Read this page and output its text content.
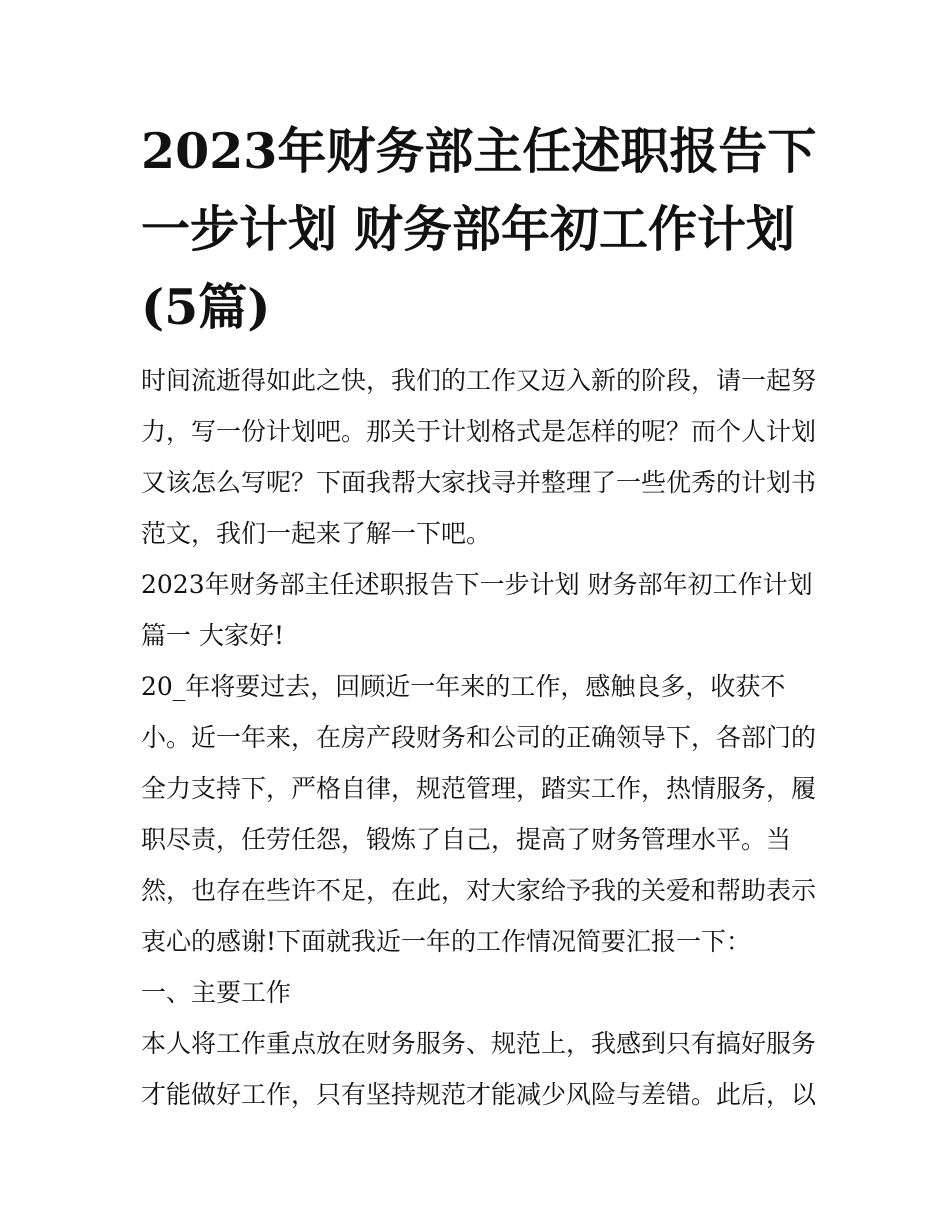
2023年财务部主任述职报告下
一步计划 财务部年初工作计划
(5篇)
时间流逝得如此之快，我们的工作又迈入新的阶段，请一起努
力，写一份计划吧。那关于计划格式是怎样的呢？而个人计划
又该怎么写呢？下面我帮大家找寻并整理了一些优秀的计划书
范文，我们一起来了解一下吧。
2023年财务部主任述职报告下一步计划 财务部年初工作计划
篇一 大家好!
20_年将要过去，回顾近一年来的工作，感触良多，收获不
小。近一年来，在房产段财务和公司的正确领导下，各部门的
全力支持下，严格自律，规范管理，踏实工作，热情服务，履
职尽责，任劳任怨，锻炼了自己，提高了财务管理水平。当
然，也存在些许不足，在此，对大家给予我的关爱和帮助表示
衷心的感谢!下面就我近一年的工作情况简要汇报一下：
一、主要工作
本人将工作重点放在财务服务、规范上，我感到只有搞好服务
才能做好工作，只有坚持规范才能减少风险与差错。此后，以
